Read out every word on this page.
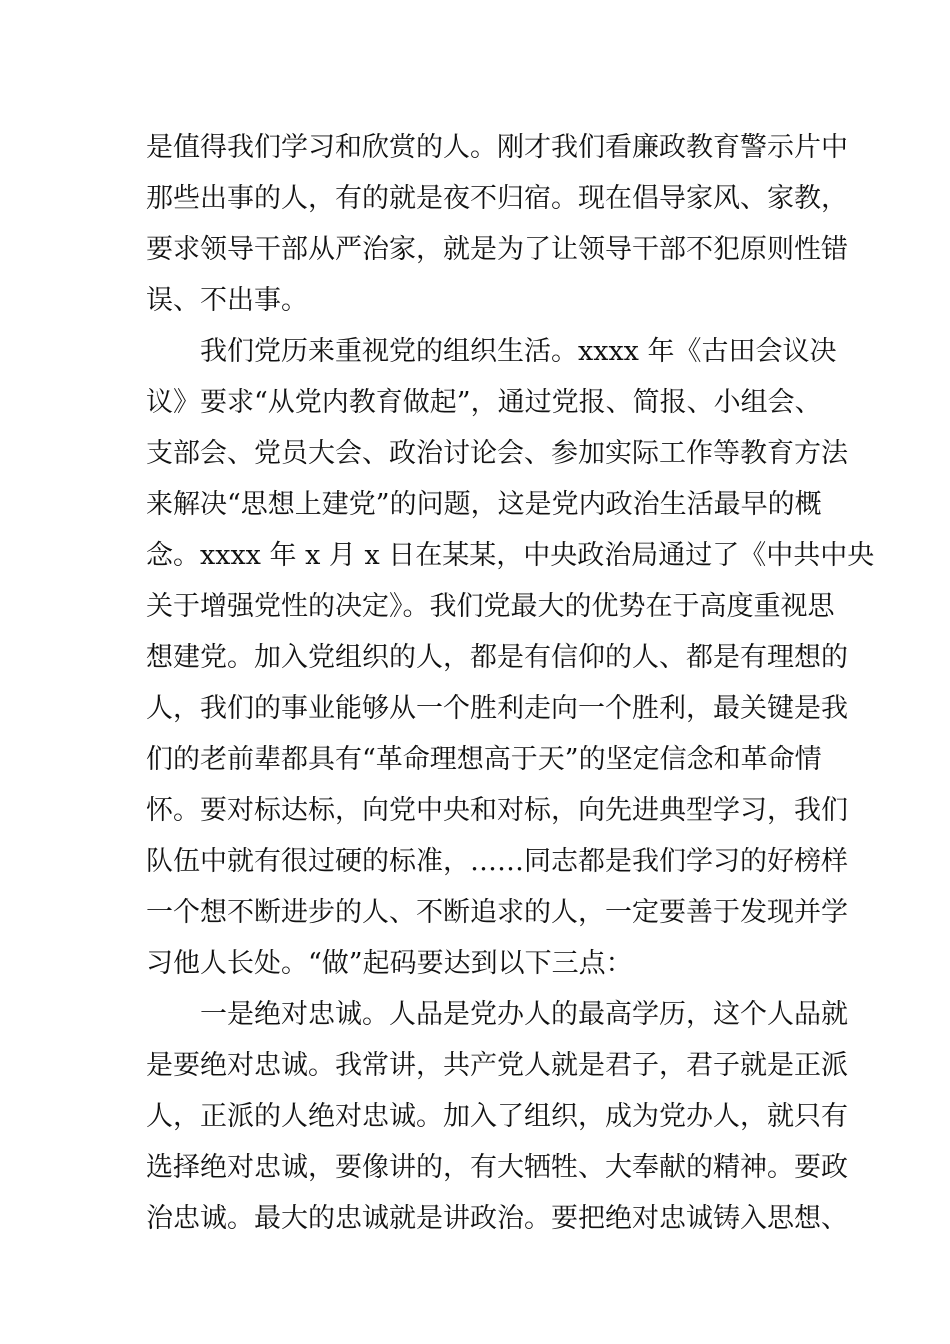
是值得我们学习和欣赏的人。刚才我们看廉政教育警示片中
那些出事的人，有的就是夜不归宿。现在倡导家风、家教，
要求领导干部从严治家，就是为了让领导干部不犯原则性错
误、不出事。
我们党历来重视党的组织生活。xxxx 年《古田会议决
议》要求“从党内教育做起”，通过党报、简报、小组会、
支部会、党员大会、政治讨论会、参加实际工作等教育方法
来解决“思想上建党”的问题，这是党内政治生活最早的概
念。xxxx 年 x 月 x 日在某某，中央政治局通过了《中共中央
关于增强党性的决定》。我们党最大的优势在于高度重视思
想建党。加入党组织的人，都是有信仰的人、都是有理想的
人，我们的事业能够从一个胜利走向一个胜利，最关键是我
们的老前辈都具有“革命理想高于天”的坚定信念和革命情
怀。要对标达标，向党中央和对标，向先进典型学习，我们
队伍中就有很过硬的标准，……同志都是我们学习的好榜样
一个想不断进步的人、不断追求的人，一定要善于发现并学
习他人长处。“做”起码要达到以下三点：
一是绝对忠诚。人品是党办人的最高学历，这个人品就
是要绝对忠诚。我常讲，共产党人就是君子，君子就是正派
人，正派的人绝对忠诚。加入了组织，成为党办人，就只有
选择绝对忠诚，要像讲的，有大牺牲、大奉献的精神。要政
治忠诚。最大的忠诚就是讲政治。要把绝对忠诚铸入思想、
